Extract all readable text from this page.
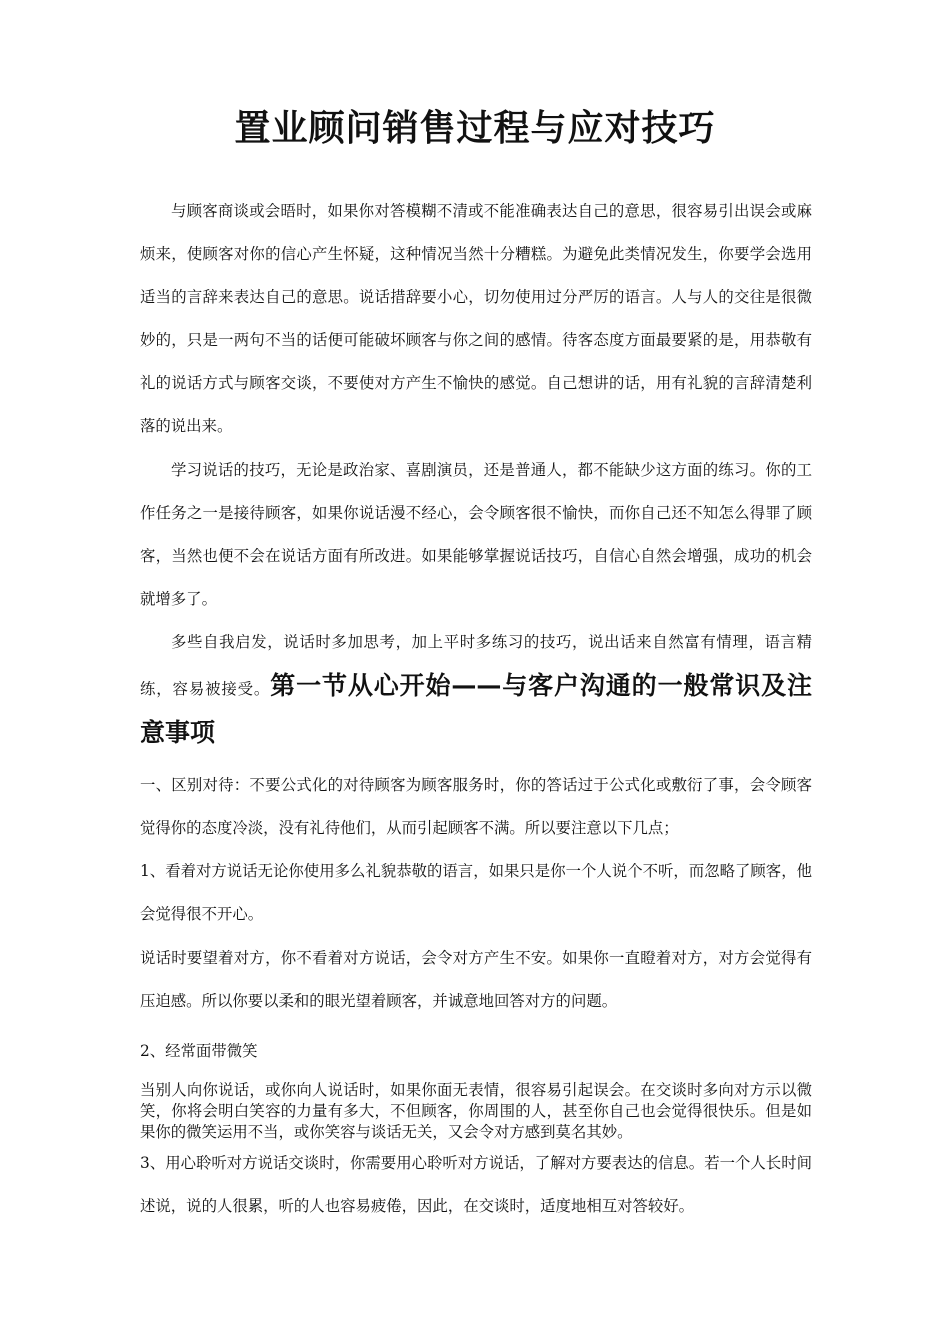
置业顾问销售过程与应对技巧

与顾客商谈或会晤时，如果你对答模糊不清或不能准确表达自己的意思，很容易引出误会或麻烦来，使顾客对你的信心产生怀疑，这种情况当然十分糟糕。为避免此类情况发生，你要学会选用适当的言辞来表达自己的意思。说话措辞要小心，切勿使用过分严厉的语言。人与人的交往是很微妙的，只是一两句不当的话便可能破坏顾客与你之间的感情。待客态度方面最要紧的是，用恭敬有礼的说话方式与顾客交谈，不要使对方产生不愉快的感觉。自己想讲的话，用有礼貌的言辞清楚利落的说出来。

学习说话的技巧，无论是政治家、喜剧演员，还是普通人，都不能缺少这方面的练习。你的工作任务之一是接待顾客，如果你说话漫不经心，会令顾客很不愉快，而你自己还不知怎么得罪了顾客，当然也便不会在说话方面有所改进。如果能够掌握说话技巧，自信心自然会增强，成功的机会就增多了。

多些自我启发，说话时多加思考，加上平时多练习的技巧，说出话来自然富有情理，语言精练，容易被接受。第一节从心开始——与客户沟通的一般常识及注意事项

一、区别对待：不要公式化的对待顾客为顾客服务时，你的答话过于公式化或敷衍了事，会令顾客觉得你的态度冷淡，没有礼待他们，从而引起顾客不满。所以要注意以下几点；

1、看着对方说话无论你使用多么礼貌恭敬的语言，如果只是你一个人说个不听，而忽略了顾客，他会觉得很不开心。

说话时要望着对方，你不看着对方说话，会令对方产生不安。如果你一直瞪着对方，对方会觉得有压迫感。所以你要以柔和的眼光望着顾客，并诚意地回答对方的问题。

2、经常面带微笑

当别人向你说话，或你向人说话时，如果你面无表情，很容易引起误会。在交谈时多向对方示以微笑，你将会明白笑容的力量有多大，不但顾客，你周围的人，甚至你自己也会觉得很快乐。但是如果你的微笑运用不当，或你笑容与谈话无关，又会令对方感到莫名其妙。

3、用心聆听对方说话交谈时，你需要用心聆听对方说话，了解对方要表达的信息。若一个人长时间述说，说的人很累，听的人也容易疲倦，因此，在交谈时，适度地相互对答较好。
